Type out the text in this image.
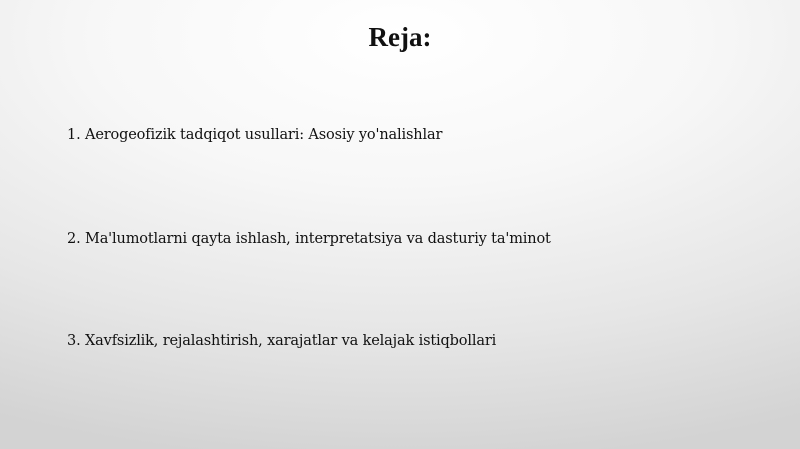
Reja:
1. Aerogeofizik tadqiqot usullari: Asosiy yo'nalishlar
2. Ma'lumotlarni qayta ishlash, interpretatsiya va dasturiy ta'minot
3. Xavfsizlik, rejalashtirish, xarajatlar va kelajak istiqbollari
